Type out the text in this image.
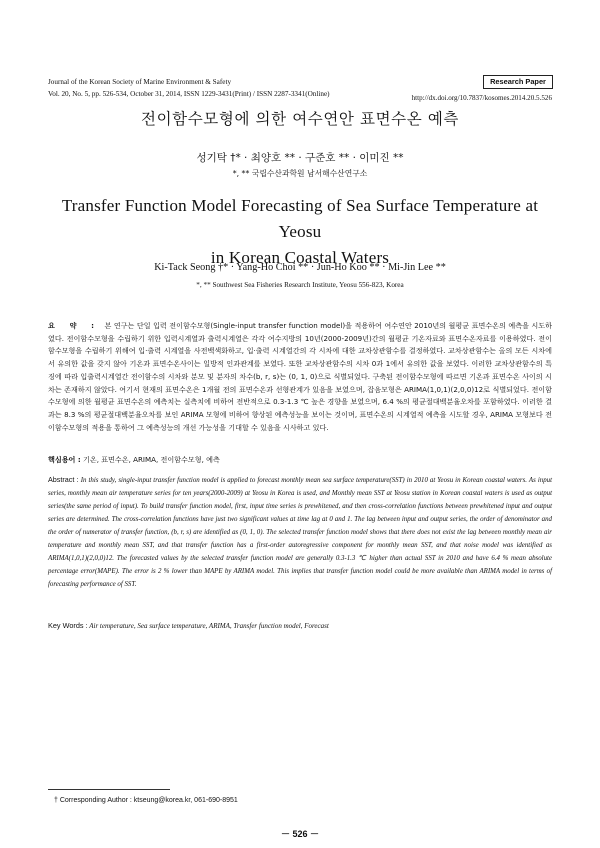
Journal of the Korean Society of Marine Environment & Safety
Vol. 20, No. 5, pp. 526-534, October 31, 2014, ISSN 1229-3431(Print) / ISSN 2287-3341(Online)
Research Paper
http://dx.doi.org/10.7837/kosomes.2014.20.5.526
전이함수모형에 의한 여수연안 표면수온 예측
성기탁 †* · 최양호 ** · 구준호 ** · 이미진 **
*, ** 국립수산과학원 남서해수산연구소
Transfer Function Model Forecasting of Sea Surface Temperature at Yeosu
in Korean Coastal Waters
Ki-Tack Seong †* · Yang-Ho Choi ** · Jun-Ho Koo ** · Mi-Jin Lee **
*, ** Southwest Sea Fisheries Research Institute, Yeosu 556-823, Korea
요 약 : 본 연구는 단일 입력 전이함수모형(Single-input transfer function model)을 적용하여 여수연안 2010년의 월평균 표면수온의 예측을 시도하였다. 전이함수모형을 수립하기 위한 입력시계열과 출력시계열은 각각 여수지방의 10년(2000-2009년)간의 월평균 기온자료와 표면수온자료를 이용하였다. 전이함수모형을 수립하기 위해여 입·출력 시계열을 사전백색화하고, 입·출력 시계열간의 각 시차에 대한 교차상관함수를 결정하였다. 교차상관함수는 올의 모든 시차에서 유의한 값을 갖지 않아 기온과 표면수온사이는 일방적 인과관계를 보였다. 또한 교차상관함수의 시차 0과 1에서 유의한 값을 보였다. 이러한 교차상관함수의 특징에 따라 입출력시계열간 전이함수의 시차와 분모 및 분자의 차수(b, r, s)는 (0, 1, 0)으로 식별되었다. 구축된 전이함수모형에 따르면 기온과 표면수온 사이의 시차는 존재하지 않았다. 여기서 현재의 표면수온은 1개월 전의 표면수온과 선형관계가 있음을 보였으며, 잡음모형은 ARIMA(1,0,1)(2,0,0)12로 식별되었다. 전이함수모형에 의한 월평균 표면수온의 예측치는 실측치에 비하여 전반적으로 0.3-1.3 ℃ 높은 경향을 보였으며, 6.4 %의 평균절대백분율오차를 포함하였다. 이러한 결과는 8.3 %의 평균절대백분율오차를 보인 ARIMA 모형에 비하여 향상된 예측성능을 보이는 것이며, 표면수온의 시계열적 예측을 시도할 경우, ARIMA 모형보다 전이함수모형의 적용을 통하여 그 예측성능의 개선 가능성을 기대할 수 있음을 시사하고 있다.
핵심용어 : 기온, 표면수온, ARIMA, 전이함수모형, 예측
Abstract : In this study, single-input transfer function model is applied to forecast monthly mean sea surface temperature(SST) in 2010 at Yeosu in Korean coastal waters. As input series, monthly mean air temperature series for ten years(2000-2009) at Yeosu in Korea is used, and Monthly mean SST at Yeosu station in Korean coastal waters is used as output series(the same period of input). To build transfer function model, first, input time series is prewhitened, and then cross-correlation functions between prewhitened input and output series are determined. The cross-correlation functions have just two significant values at time lag at 0 and 1. The lag between input and output series, the order of denominator and the order of numerator of transfer function, (b, r, s) are identified as (0, 1, 0). The selected transfer function model shows that there does not exist the lag between monthly mean air temperature and monthly mean SST, and that transfer function has a first-order autoregressive component for monthly mean SST, and that noise model was identified as ARIMA(1,0,1)(2,0,0)12. The forecasted values by the selected transfer function model are generally 0.3-1.3 ℃ higher than actual SST in 2010 and have 6.4 % mean absolute percentage error(MAPE). The error is 2 % lower than MAPE by ARIMA model. This implies that transfer function model could be more available than ARIMA model in terms of forecasting performance of SST.
Key Words : Air temperature, Sea surface temperature, ARIMA, Transfer function model, Forecast
† Corresponding Author : ktseung@korea.kr, 061-690-8951
－ 526 －
